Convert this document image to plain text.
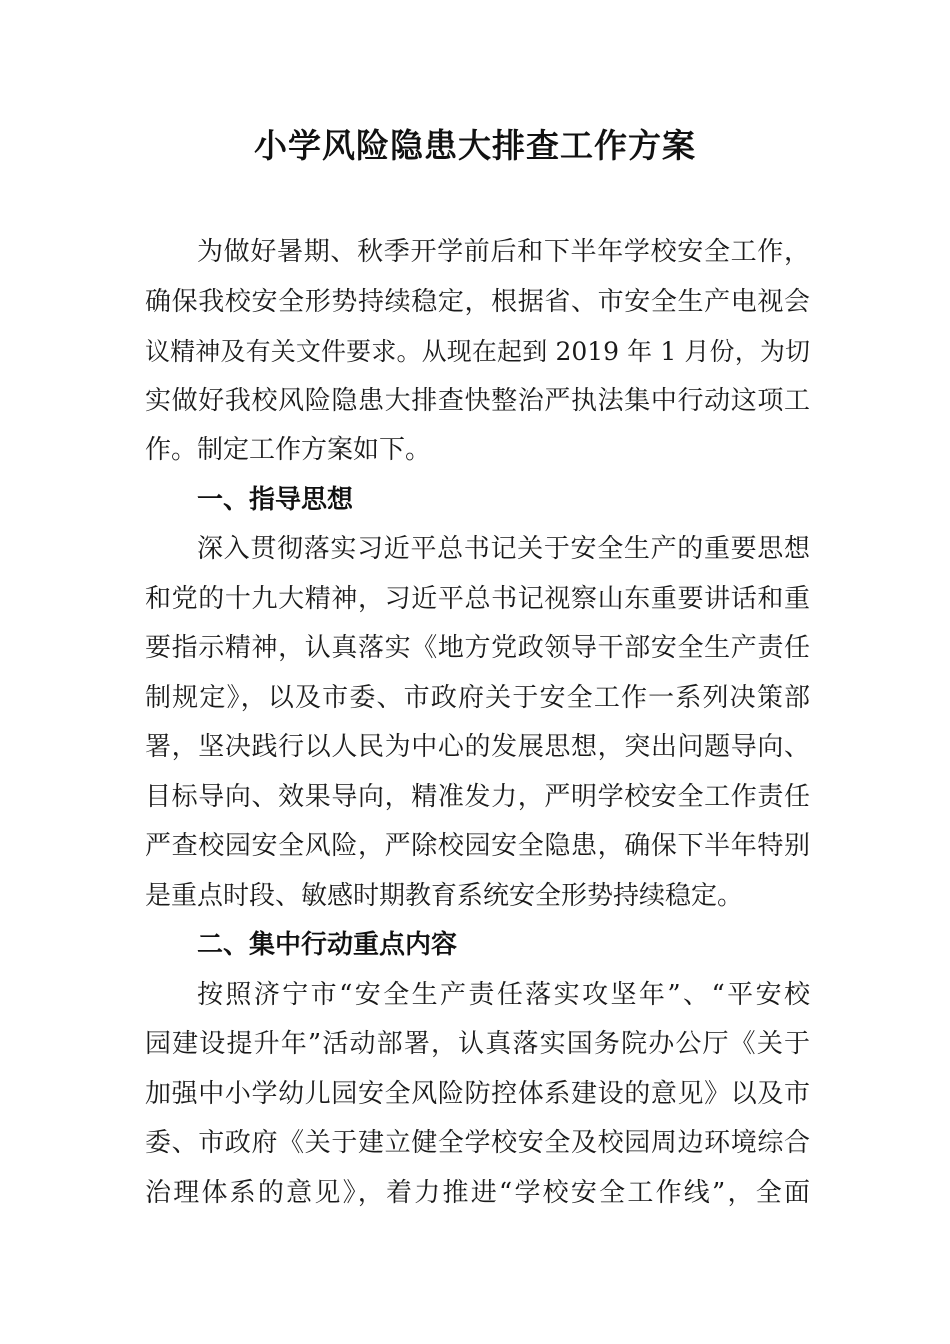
小学风险隐患大排查工作方案
为做好暑期、秋季开学前后和下半年学校安全工作，
确保我校安全形势持续稳定，根据省、市安全生产电视会
议精神及有关文件要求。从现在起到 2019 年 1 月份，为切
实做好我校风险隐患大排查快整治严执法集中行动这项工
作。制定工作方案如下。
一、指导思想
深入贯彻落实习近平总书记关于安全生产的重要思想
和党的十九大精神，习近平总书记视察山东重要讲话和重
要指示精神，认真落实《地方党政领导干部安全生产责任
制规定》，以及市委、市政府关于安全工作一系列决策部
署，坚决践行以人民为中心的发展思想，突出问题导向、
目标导向、效果导向，精准发力，严明学校安全工作责任
严查校园安全风险，严除校园安全隐患，确保下半年特别
是重点时段、敏感时期教育系统安全形势持续稳定。
二、集中行动重点内容
按照济宁市“安全生产责任落实攻坚年”、“平安校
园建设提升年”活动部署，认真落实国务院办公厅《关于
加强中小学幼儿园安全风险防控体系建设的意见》以及市
委、市政府《关于建立健全学校安全及校园周边环境综合
治理体系的意见》，着力推进“学校安全工作线”，全面
